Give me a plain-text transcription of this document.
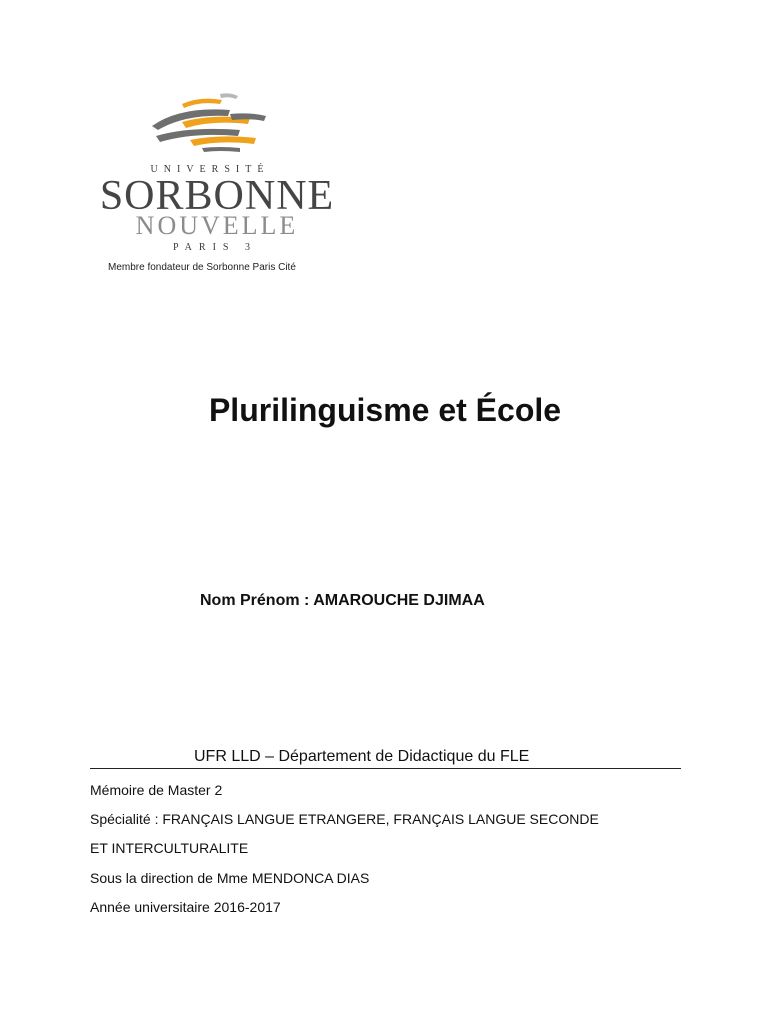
UNIVERSITÉ
SORBONNE
NOUVELLE
PARIS 3
Membre fondateur de Sorbonne Paris Cité
Plurilinguisme et École
Nom Prénom : AMAROUCHE DJIMAA
UFR LLD – Département de Didactique du FLE
Mémoire de Master 2
Spécialité : FRANÇAIS LANGUE ETRANGERE, FRANÇAIS LANGUE SECONDE
ET INTERCULTURALITE
Sous la direction de Mme MENDONCA DIAS
Année universitaire 2016-2017
